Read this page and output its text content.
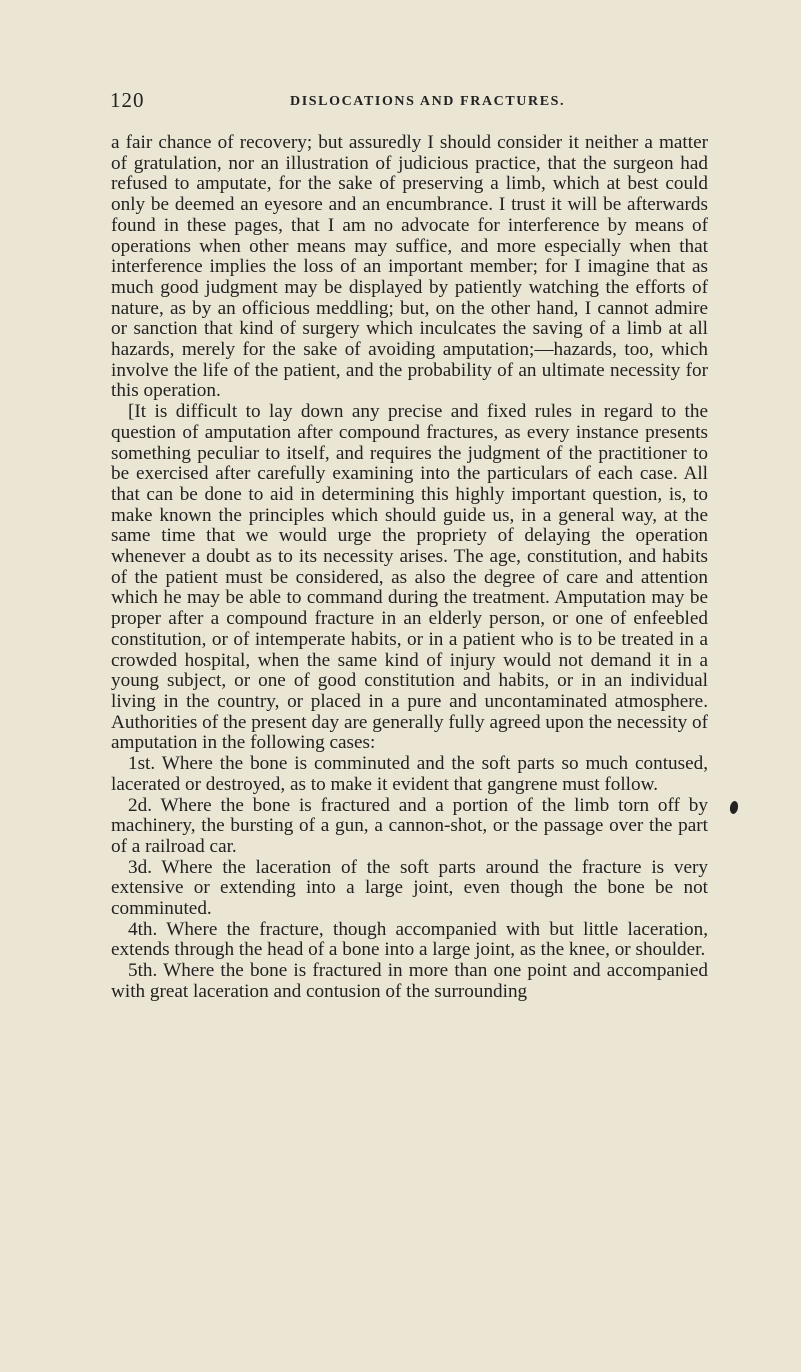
120	DISLOCATIONS AND FRACTURES.

a fair chance of recovery; but assuredly I should consider it neither a matter of gratulation, nor an illustration of judicious practice, that the surgeon had refused to amputate, for the sake of preserving a limb, which at best could only be deemed an eyesore and an encumbrance. I trust it will be afterwards found in these pages, that I am no advocate for interference by means of operations when other means may suffice, and more especially when that interference implies the loss of an important member; for I imagine that as much good judgment may be displayed by patiently watching the efforts of nature, as by an officious meddling; but, on the other hand, I cannot admire or sanction that kind of surgery which inculcates the saving of a limb at all hazards, merely for the sake of avoiding amputation;—hazards, too, which involve the life of the patient, and the probability of an ultimate necessity for this operation.

[It is difficult to lay down any precise and fixed rules in regard to the question of amputation after compound fractures, as every instance presents something peculiar to itself, and requires the judgment of the practitioner to be exercised after carefully examining into the particulars of each case. All that can be done to aid in determining this highly important question, is, to make known the principles which should guide us, in a general way, at the same time that we would urge the propriety of delaying the operation whenever a doubt as to its necessity arises. The age, constitution, and habits of the patient must be considered, as also the degree of care and attention which he may be able to command during the treatment. Amputation may be proper after a compound fracture in an elderly person, or one of enfeebled constitution, or of intemperate habits, or in a patient who is to be treated in a crowded hospital, when the same kind of injury would not demand it in a young subject, or one of good constitution and habits, or in an individual living in the country, or placed in a pure and uncontaminated atmosphere. Authorities of the present day are generally fully agreed upon the necessity of amputation in the following cases:

1st. Where the bone is comminuted and the soft parts so much contused, lacerated or destroyed, as to make it evident that gangrene must follow.

2d. Where the bone is fractured and a portion of the limb torn off by machinery, the bursting of a gun, a cannon-shot, or the passage over the part of a railroad car.

3d. Where the laceration of the soft parts around the fracture is very extensive or extending into a large joint, even though the bone be not comminuted.

4th. Where the fracture, though accompanied with but little laceration, extends through the head of a bone into a large joint, as the knee, or shoulder.

5th. Where the bone is fractured in more than one point and accompanied with great laceration and contusion of the surrounding
